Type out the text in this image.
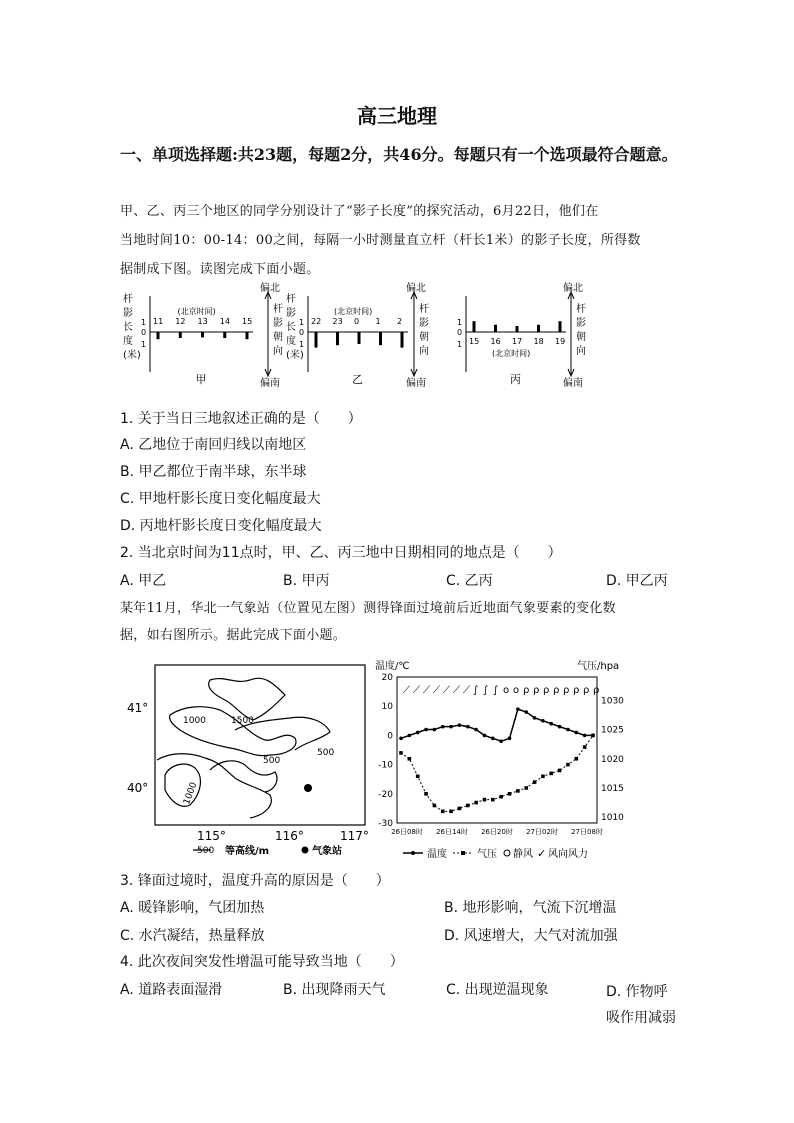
高三地理
一、单项选择题:共23题，每题2分，共46分。每题只有一个选项最符合题意。
甲、乙、丙三个地区的同学分别设计了“影子长度”的探究活动，6月22日，他们在
当地时间10：00-14：00之间，每隔一小时测量直立杆（杆长1米）的影子长度，所得数
据制成下图。读图完成下面小题。
杆
影
长
度
(米)
1
0
1
11 12 13 14 15
(北京时间)	杆
影
朝
向
偏北
偏南
甲
杆
影
长
度
(米)
1
0
1
22 23 0 1 2
(北京时间)	杆
影
朝
向
偏北
偏南
乙
1
0
1 15 16 17 18 19
(北京时间)
杆
影
朝
向
偏北
偏南
丙
1. 关于当日三地叙述正确的是（　　）
A. 乙地位于南回归线以南地区
B. 甲乙都位于南半球，东半球
C. 甲地杆影长度日变化幅度最大
D. 丙地杆影长度日变化幅度最大
2. 当北京时间为11点时，甲、乙、丙三地中日期相同的地点是（　　）
A. 甲乙	B. 甲丙	C. 乙丙	D. 甲乙丙
某年11月，华北一气象站（位置见左图）测得锋面过境前后近地面气象要素的变化数
据，如右图所示。据此完成下面小题。
41°
40°
115°	116°	117°
1000	1500
500
500
1000
500 等高线/m	气象站
温度/℃	气压/hpa
20
10
0
-10
-20
-30
1030
1025
1020
1015
1010
26日08时 26日14时 26日20时 27日02时 27日08时
⟋ ⟋ ⟋ ⟋ ⟋ ⟋ ⟋ ∫ ∫ ∫ o o ρ ρ ρ ρ ρ ρ ρ ρ
温度	气压 静风 ✓ 风向风力
3. 锋面过境时，温度升高的原因是（　　）
A. 暖锋影响，气团加热	B. 地形影响，气流下沉增温
C. 水汽凝结，热量释放	D. 风速增大，大气对流加强
4. 此次夜间突发性增温可能导致当地（　　）
A. 道路表面湿滑	B. 出现降雨天气	C. 出现逆温现象	D. 作物呼吸作用减弱
